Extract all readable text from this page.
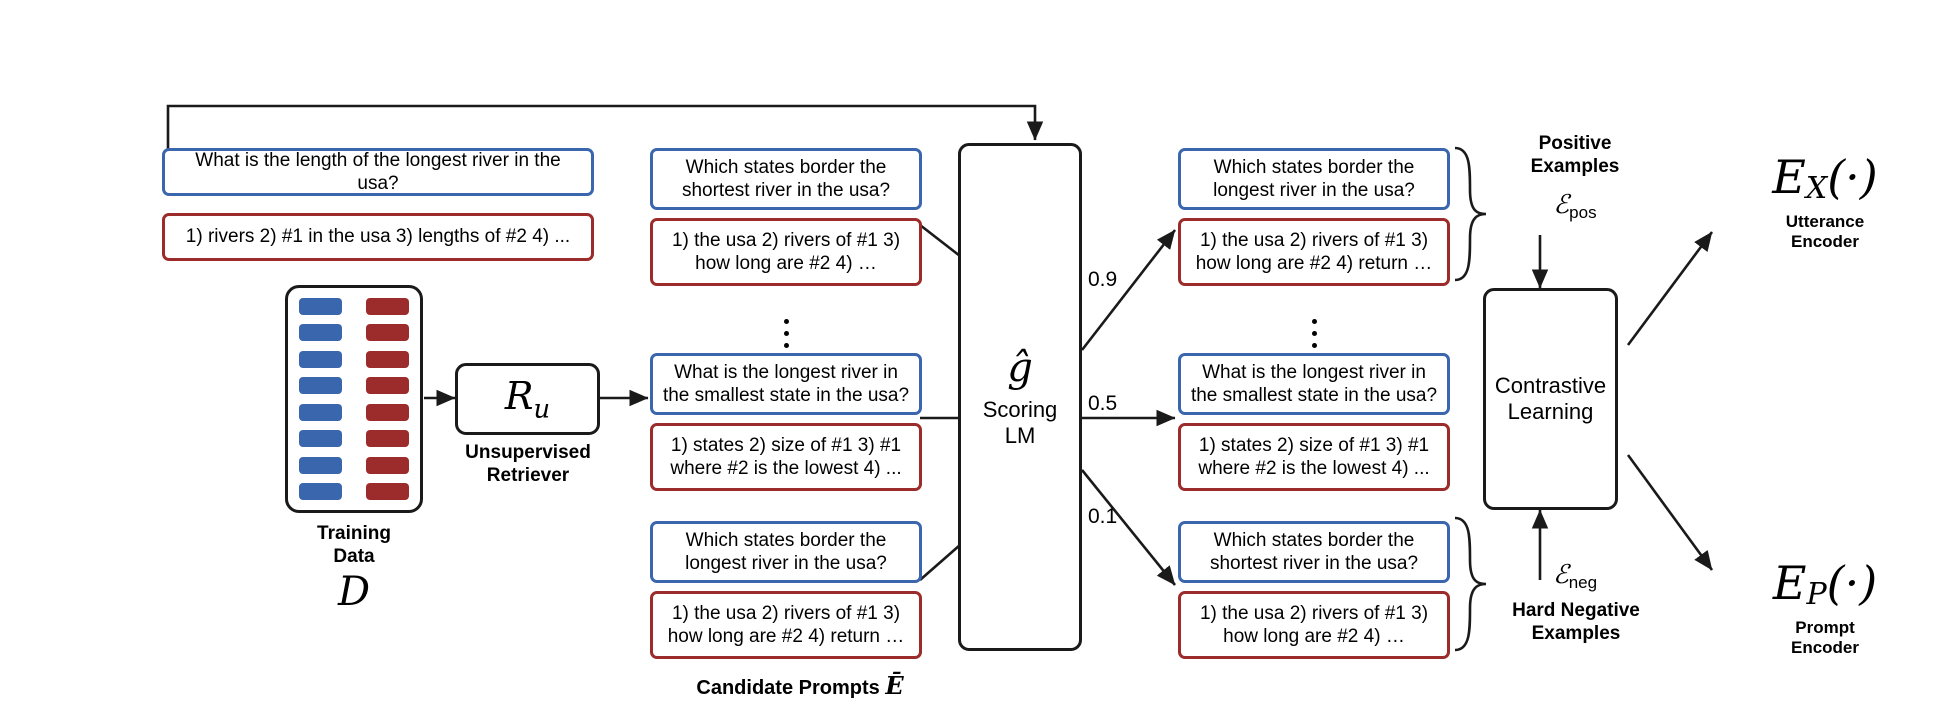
What is the length of the longest river in the usa?
1) rivers 2) #1 in the usa 3) lengths of #2 4) ...
Training
Data
D
$R_u$
Unsupervised
Retriever
Which states border the shortest river in the usa?
1) the usa 2) rivers of #1 3) how long are #2 4) …
What is the longest river in the smallest state in the usa?
1) states 2) size of #1 3) #1 where #2 is the lowest 4) ...
Which states border the longest river in the usa?
1) the usa 2) rivers of #1 3) how long are #2 4) return …
Candidate Prompts Ē
ĝ
Scoring
LM
0.9
0.5
0.1
Which states border the longest river in the usa?
1) the usa 2) rivers of #1 3) how long are #2 4) return …
What is the longest river in the smallest state in the usa?
1) states 2) size of #1 3) #1 where #2 is the lowest 4) ...
Which states border the shortest river in the usa?
1) the usa 2) rivers of #1 3) how long are #2 4) …
Positive
Examples
ℰpos
ℰneg
Hard Negative
Examples
Contrastive
Learning
EX(·)
Utterance
Encoder
EP(·)
Prompt
Encoder
